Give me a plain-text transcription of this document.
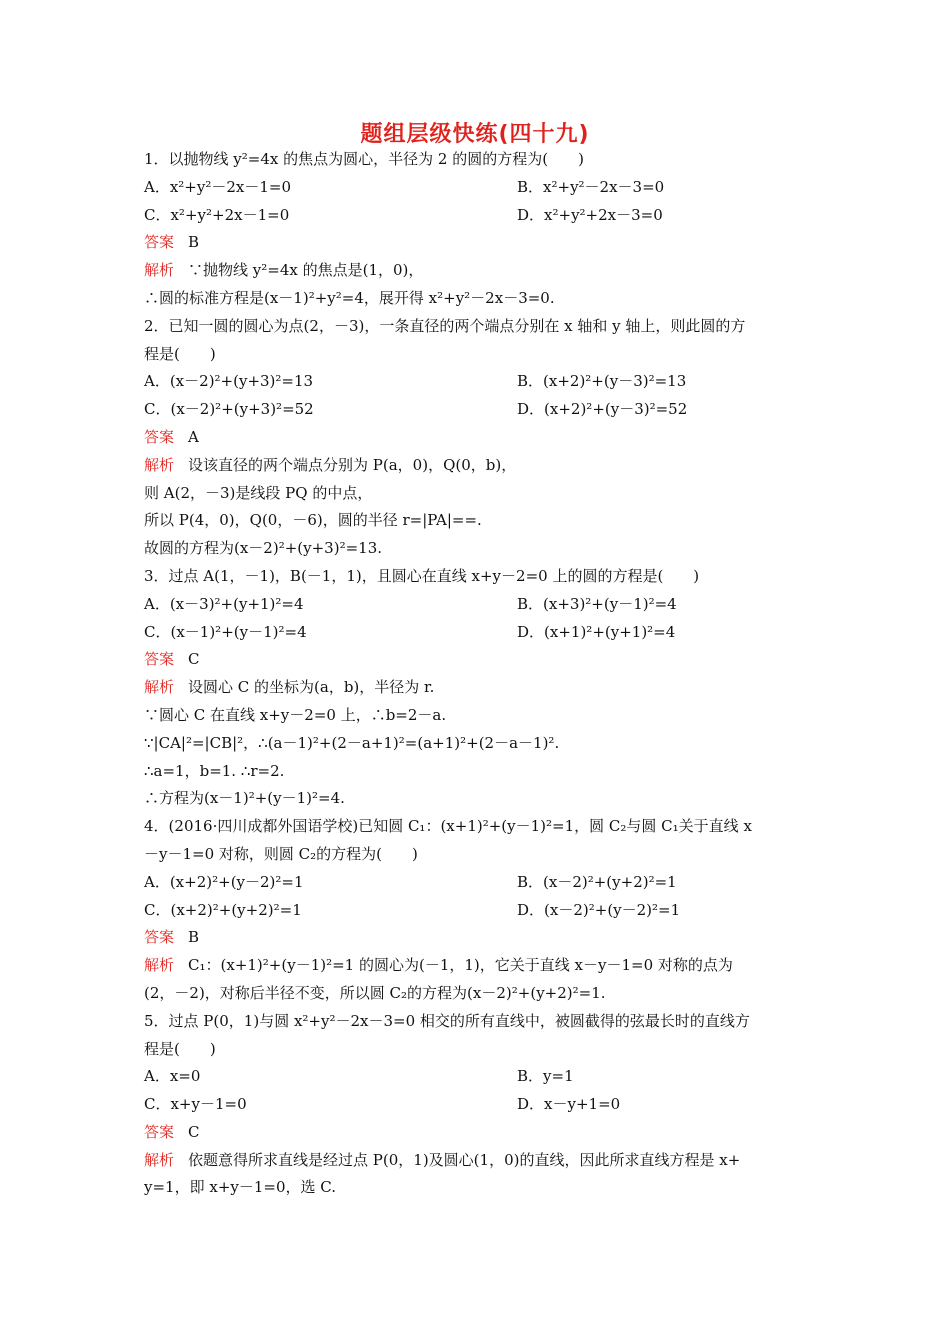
题组层级快练(四十九)
1．以抛物线 y²=4x 的焦点为圆心，半径为 2 的圆的方程为(　　)
A．x²+y²－2x－1=0	B．x²+y²－2x－3=0
C．x²+y²+2x－1=0	D．x²+y²+2x－3=0
答案 B
解析 ∵抛物线 y²=4x 的焦点是(1，0)，
∴圆的标准方程是(x－1)²+y²=4，展开得 x²+y²－2x－3=0.
2．已知一圆的圆心为点(2，－3)，一条直径的两个端点分别在 x 轴和 y 轴上，则此圆的方
程是(　　)
A．(x－2)²+(y+3)²=13	B．(x+2)²+(y－3)²=13
C．(x－2)²+(y+3)²=52	D．(x+2)²+(y－3)²=52
答案 A
解析 设该直径的两个端点分别为 P(a，0)，Q(0，b)，
则 A(2，－3)是线段 PQ 的中点，
所以 P(4，0)，Q(0，－6)，圆的半径 r=|PA|==.
故圆的方程为(x－2)²+(y+3)²=13.
3．过点 A(1，－1)，B(－1，1)，且圆心在直线 x+y－2=0 上的圆的方程是(　　)
A．(x－3)²+(y+1)²=4	B．(x+3)²+(y－1)²=4
C．(x－1)²+(y－1)²=4	D．(x+1)²+(y+1)²=4
答案 C
解析 设圆心 C 的坐标为(a，b)，半径为 r.
∵圆心 C 在直线 x+y－2=0 上，∴b=2－a.
∵|CA|²=|CB|²，∴(a－1)²+(2－a+1)²=(a+1)²+(2－a－1)².
∴a=1，b=1. ∴r=2.
∴方程为(x－1)²+(y－1)²=4.
4．(2016·四川成都外国语学校)已知圆 C₁：(x+1)²+(y－1)²=1，圆 C₂与圆 C₁关于直线 x
－y－1=0 对称，则圆 C₂的方程为(　　)
A．(x+2)²+(y－2)²=1	B．(x－2)²+(y+2)²=1
C．(x+2)²+(y+2)²=1	D．(x－2)²+(y－2)²=1
答案 B
解析 C₁：(x+1)²+(y－1)²=1 的圆心为(－1，1)，它关于直线 x－y－1=0 对称的点为
(2，－2)，对称后半径不变，所以圆 C₂的方程为(x－2)²+(y+2)²=1.
5．过点 P(0，1)与圆 x²+y²－2x－3=0 相交的所有直线中，被圆截得的弦最长时的直线方
程是(　　)
A．x=0	B．y=1
C．x+y－1=0	D．x－y+1=0
答案 C
解析 依题意得所求直线是经过点 P(0，1)及圆心(1，0)的直线，因此所求直线方程是 x+
y=1，即 x+y－1=0，选 C.
